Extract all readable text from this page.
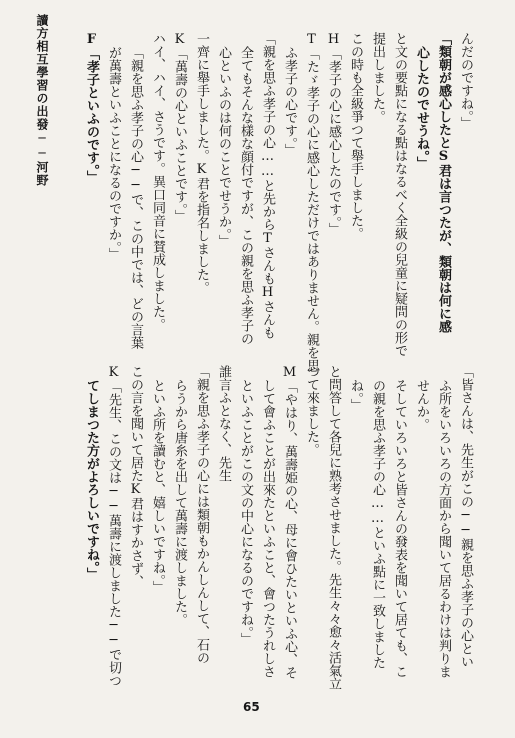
讀方相互學習の出發──河野	んだのですね。」
「類朝が感心したとS君は言つたが、類朝は何に感
心したのでせうね。」
と文の要點になる點はなるべく全級の兒童に疑問の形で
提出しました。
この時も全級爭つて舉手しました。
H「孝子の心に感心したのです。」
T「たゞ孝子の心に感心しただけではありません。親を思
ふ孝子の心です。」
「親を思ふ孝子の心……と先からTさんもHさんも
全てもそんな樣な顔付ですが、この親を思ふ孝子の
心といふのは何のことでせうか。」
一齊に舉手しました。K君を指名しました。
K「萬壽の心といふことです。」
ハイ、ハイ、さうです。異口同音に賛成しました。
「親を思ふ孝子の心──で、この中では、どの言葉
が萬壽といふことになるのですか。」
F「孝子といふのです。」
「皆さんは、先生がこの──親を思ふ孝子の心とい
ふ所をいろいろの方面から聞いて居るわけは判りま
せんか。
そしていろいろと皆さんの發表を聞いて居ても、こ
の親を思ふ孝子の心……といふ點に一致しました
ね。」
と問答して各兒に熟考させました。先生々々愈々活氣立
つて來ました。
M「やはり、萬壽姫の心、母に會ひたいといふ心、そ
して會ふことが出來たといふこと、會つたうれしさ
といふことがこの文の中心になるのですね。」
誰言ふとなく、先生
「親を思ふ孝子の心には類朝もかんしんして、石の
らうから唐糸を出して萬壽に渡しました。
といふ所を讀むと、嬉しいですね。」
この言を聞いて居たK君はすかさず、
K「先生、この文は──萬壽に渡しました──で切つ
てしまつた方がよろしいですね。」
65
